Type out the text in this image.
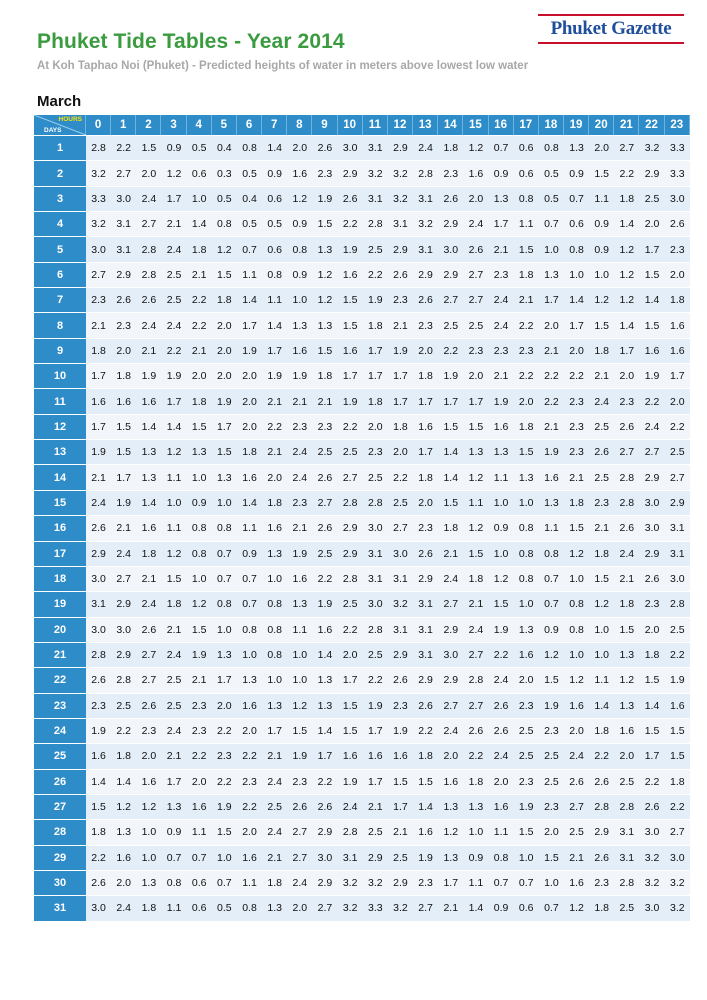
Phuket Tide Tables - Year 2014
At Koh Taphao Noi (Phuket) - Predicted heights of water in meters above lowest low water
Phuket Gazette
March
HOURS
DAYS	0	1	2	3	4	5	6	7	8	9	10	11	12	13	14	15	16	17	18	19	20	21	22	23
1	2.8	2.2	1.5	0.9	0.5	0.4	0.8	1.4	2.0	2.6	3.0	3.1	2.9	2.4	1.8	1.2	0.7	0.6	0.8	1.3	2.0	2.7	3.2	3.3
2	3.2	2.7	2.0	1.2	0.6	0.3	0.5	0.9	1.6	2.3	2.9	3.2	3.2	2.8	2.3	1.6	0.9	0.6	0.5	0.9	1.5	2.2	2.9	3.3
3	3.3	3.0	2.4	1.7	1.0	0.5	0.4	0.6	1.2	1.9	2.6	3.1	3.2	3.1	2.6	2.0	1.3	0.8	0.5	0.7	1.1	1.8	2.5	3.0
4	3.2	3.1	2.7	2.1	1.4	0.8	0.5	0.5	0.9	1.5	2.2	2.8	3.1	3.2	2.9	2.4	1.7	1.1	0.7	0.6	0.9	1.4	2.0	2.6
5	3.0	3.1	2.8	2.4	1.8	1.2	0.7	0.6	0.8	1.3	1.9	2.5	2.9	3.1	3.0	2.6	2.1	1.5	1.0	0.8	0.9	1.2	1.7	2.3
6	2.7	2.9	2.8	2.5	2.1	1.5	1.1	0.8	0.9	1.2	1.6	2.2	2.6	2.9	2.9	2.7	2.3	1.8	1.3	1.0	1.0	1.2	1.5	2.0
7	2.3	2.6	2.6	2.5	2.2	1.8	1.4	1.1	1.0	1.2	1.5	1.9	2.3	2.6	2.7	2.7	2.4	2.1	1.7	1.4	1.2	1.2	1.4	1.8
8	2.1	2.3	2.4	2.4	2.2	2.0	1.7	1.4	1.3	1.3	1.5	1.8	2.1	2.3	2.5	2.5	2.4	2.2	2.0	1.7	1.5	1.4	1.5	1.6
9	1.8	2.0	2.1	2.2	2.1	2.0	1.9	1.7	1.6	1.5	1.6	1.7	1.9	2.0	2.2	2.3	2.3	2.3	2.1	2.0	1.8	1.7	1.6	1.6
10	1.7	1.8	1.9	1.9	2.0	2.0	2.0	1.9	1.9	1.8	1.7	1.7	1.7	1.8	1.9	2.0	2.1	2.2	2.2	2.2	2.1	2.0	1.9	1.7
11	1.6	1.6	1.6	1.7	1.8	1.9	2.0	2.1	2.1	2.1	1.9	1.8	1.7	1.7	1.7	1.7	1.9	2.0	2.2	2.3	2.4	2.3	2.2	2.0
12	1.7	1.5	1.4	1.4	1.5	1.7	2.0	2.2	2.3	2.3	2.2	2.0	1.8	1.6	1.5	1.5	1.6	1.8	2.1	2.3	2.5	2.6	2.4	2.2
13	1.9	1.5	1.3	1.2	1.3	1.5	1.8	2.1	2.4	2.5	2.5	2.3	2.0	1.7	1.4	1.3	1.3	1.5	1.9	2.3	2.6	2.7	2.7	2.5
14	2.1	1.7	1.3	1.1	1.0	1.3	1.6	2.0	2.4	2.6	2.7	2.5	2.2	1.8	1.4	1.2	1.1	1.3	1.6	2.1	2.5	2.8	2.9	2.7
15	2.4	1.9	1.4	1.0	0.9	1.0	1.4	1.8	2.3	2.7	2.8	2.8	2.5	2.0	1.5	1.1	1.0	1.0	1.3	1.8	2.3	2.8	3.0	2.9
16	2.6	2.1	1.6	1.1	0.8	0.8	1.1	1.6	2.1	2.6	2.9	3.0	2.7	2.3	1.8	1.2	0.9	0.8	1.1	1.5	2.1	2.6	3.0	3.1
17	2.9	2.4	1.8	1.2	0.8	0.7	0.9	1.3	1.9	2.5	2.9	3.1	3.0	2.6	2.1	1.5	1.0	0.8	0.8	1.2	1.8	2.4	2.9	3.1
18	3.0	2.7	2.1	1.5	1.0	0.7	0.7	1.0	1.6	2.2	2.8	3.1	3.1	2.9	2.4	1.8	1.2	0.8	0.7	1.0	1.5	2.1	2.6	3.0
19	3.1	2.9	2.4	1.8	1.2	0.8	0.7	0.8	1.3	1.9	2.5	3.0	3.2	3.1	2.7	2.1	1.5	1.0	0.7	0.8	1.2	1.8	2.3	2.8
20	3.0	3.0	2.6	2.1	1.5	1.0	0.8	0.8	1.1	1.6	2.2	2.8	3.1	3.1	2.9	2.4	1.9	1.3	0.9	0.8	1.0	1.5	2.0	2.5
21	2.8	2.9	2.7	2.4	1.9	1.3	1.0	0.8	1.0	1.4	2.0	2.5	2.9	3.1	3.0	2.7	2.2	1.6	1.2	1.0	1.0	1.3	1.8	2.2
22	2.6	2.8	2.7	2.5	2.1	1.7	1.3	1.0	1.0	1.3	1.7	2.2	2.6	2.9	2.9	2.8	2.4	2.0	1.5	1.2	1.1	1.2	1.5	1.9
23	2.3	2.5	2.6	2.5	2.3	2.0	1.6	1.3	1.2	1.3	1.5	1.9	2.3	2.6	2.7	2.7	2.6	2.3	1.9	1.6	1.4	1.3	1.4	1.6
24	1.9	2.2	2.3	2.4	2.3	2.2	2.0	1.7	1.5	1.4	1.5	1.7	1.9	2.2	2.4	2.6	2.6	2.5	2.3	2.0	1.8	1.6	1.5	1.5
25	1.6	1.8	2.0	2.1	2.2	2.3	2.2	2.1	1.9	1.7	1.6	1.6	1.6	1.8	2.0	2.2	2.4	2.5	2.5	2.4	2.2	2.0	1.7	1.5
26	1.4	1.4	1.6	1.7	2.0	2.2	2.3	2.4	2.3	2.2	1.9	1.7	1.5	1.5	1.6	1.8	2.0	2.3	2.5	2.6	2.6	2.5	2.2	1.8
27	1.5	1.2	1.2	1.3	1.6	1.9	2.2	2.5	2.6	2.6	2.4	2.1	1.7	1.4	1.3	1.3	1.6	1.9	2.3	2.7	2.8	2.8	2.6	2.2
28	1.8	1.3	1.0	0.9	1.1	1.5	2.0	2.4	2.7	2.9	2.8	2.5	2.1	1.6	1.2	1.0	1.1	1.5	2.0	2.5	2.9	3.1	3.0	2.7
29	2.2	1.6	1.0	0.7	0.7	1.0	1.6	2.1	2.7	3.0	3.1	2.9	2.5	1.9	1.3	0.9	0.8	1.0	1.5	2.1	2.6	3.1	3.2	3.0
30	2.6	2.0	1.3	0.8	0.6	0.7	1.1	1.8	2.4	2.9	3.2	3.2	2.9	2.3	1.7	1.1	0.7	0.7	1.0	1.6	2.3	2.8	3.2	3.2
31	3.0	2.4	1.8	1.1	0.6	0.5	0.8	1.3	2.0	2.7	3.2	3.3	3.2	2.7	2.1	1.4	0.9	0.6	0.7	1.2	1.8	2.5	3.0	3.2
